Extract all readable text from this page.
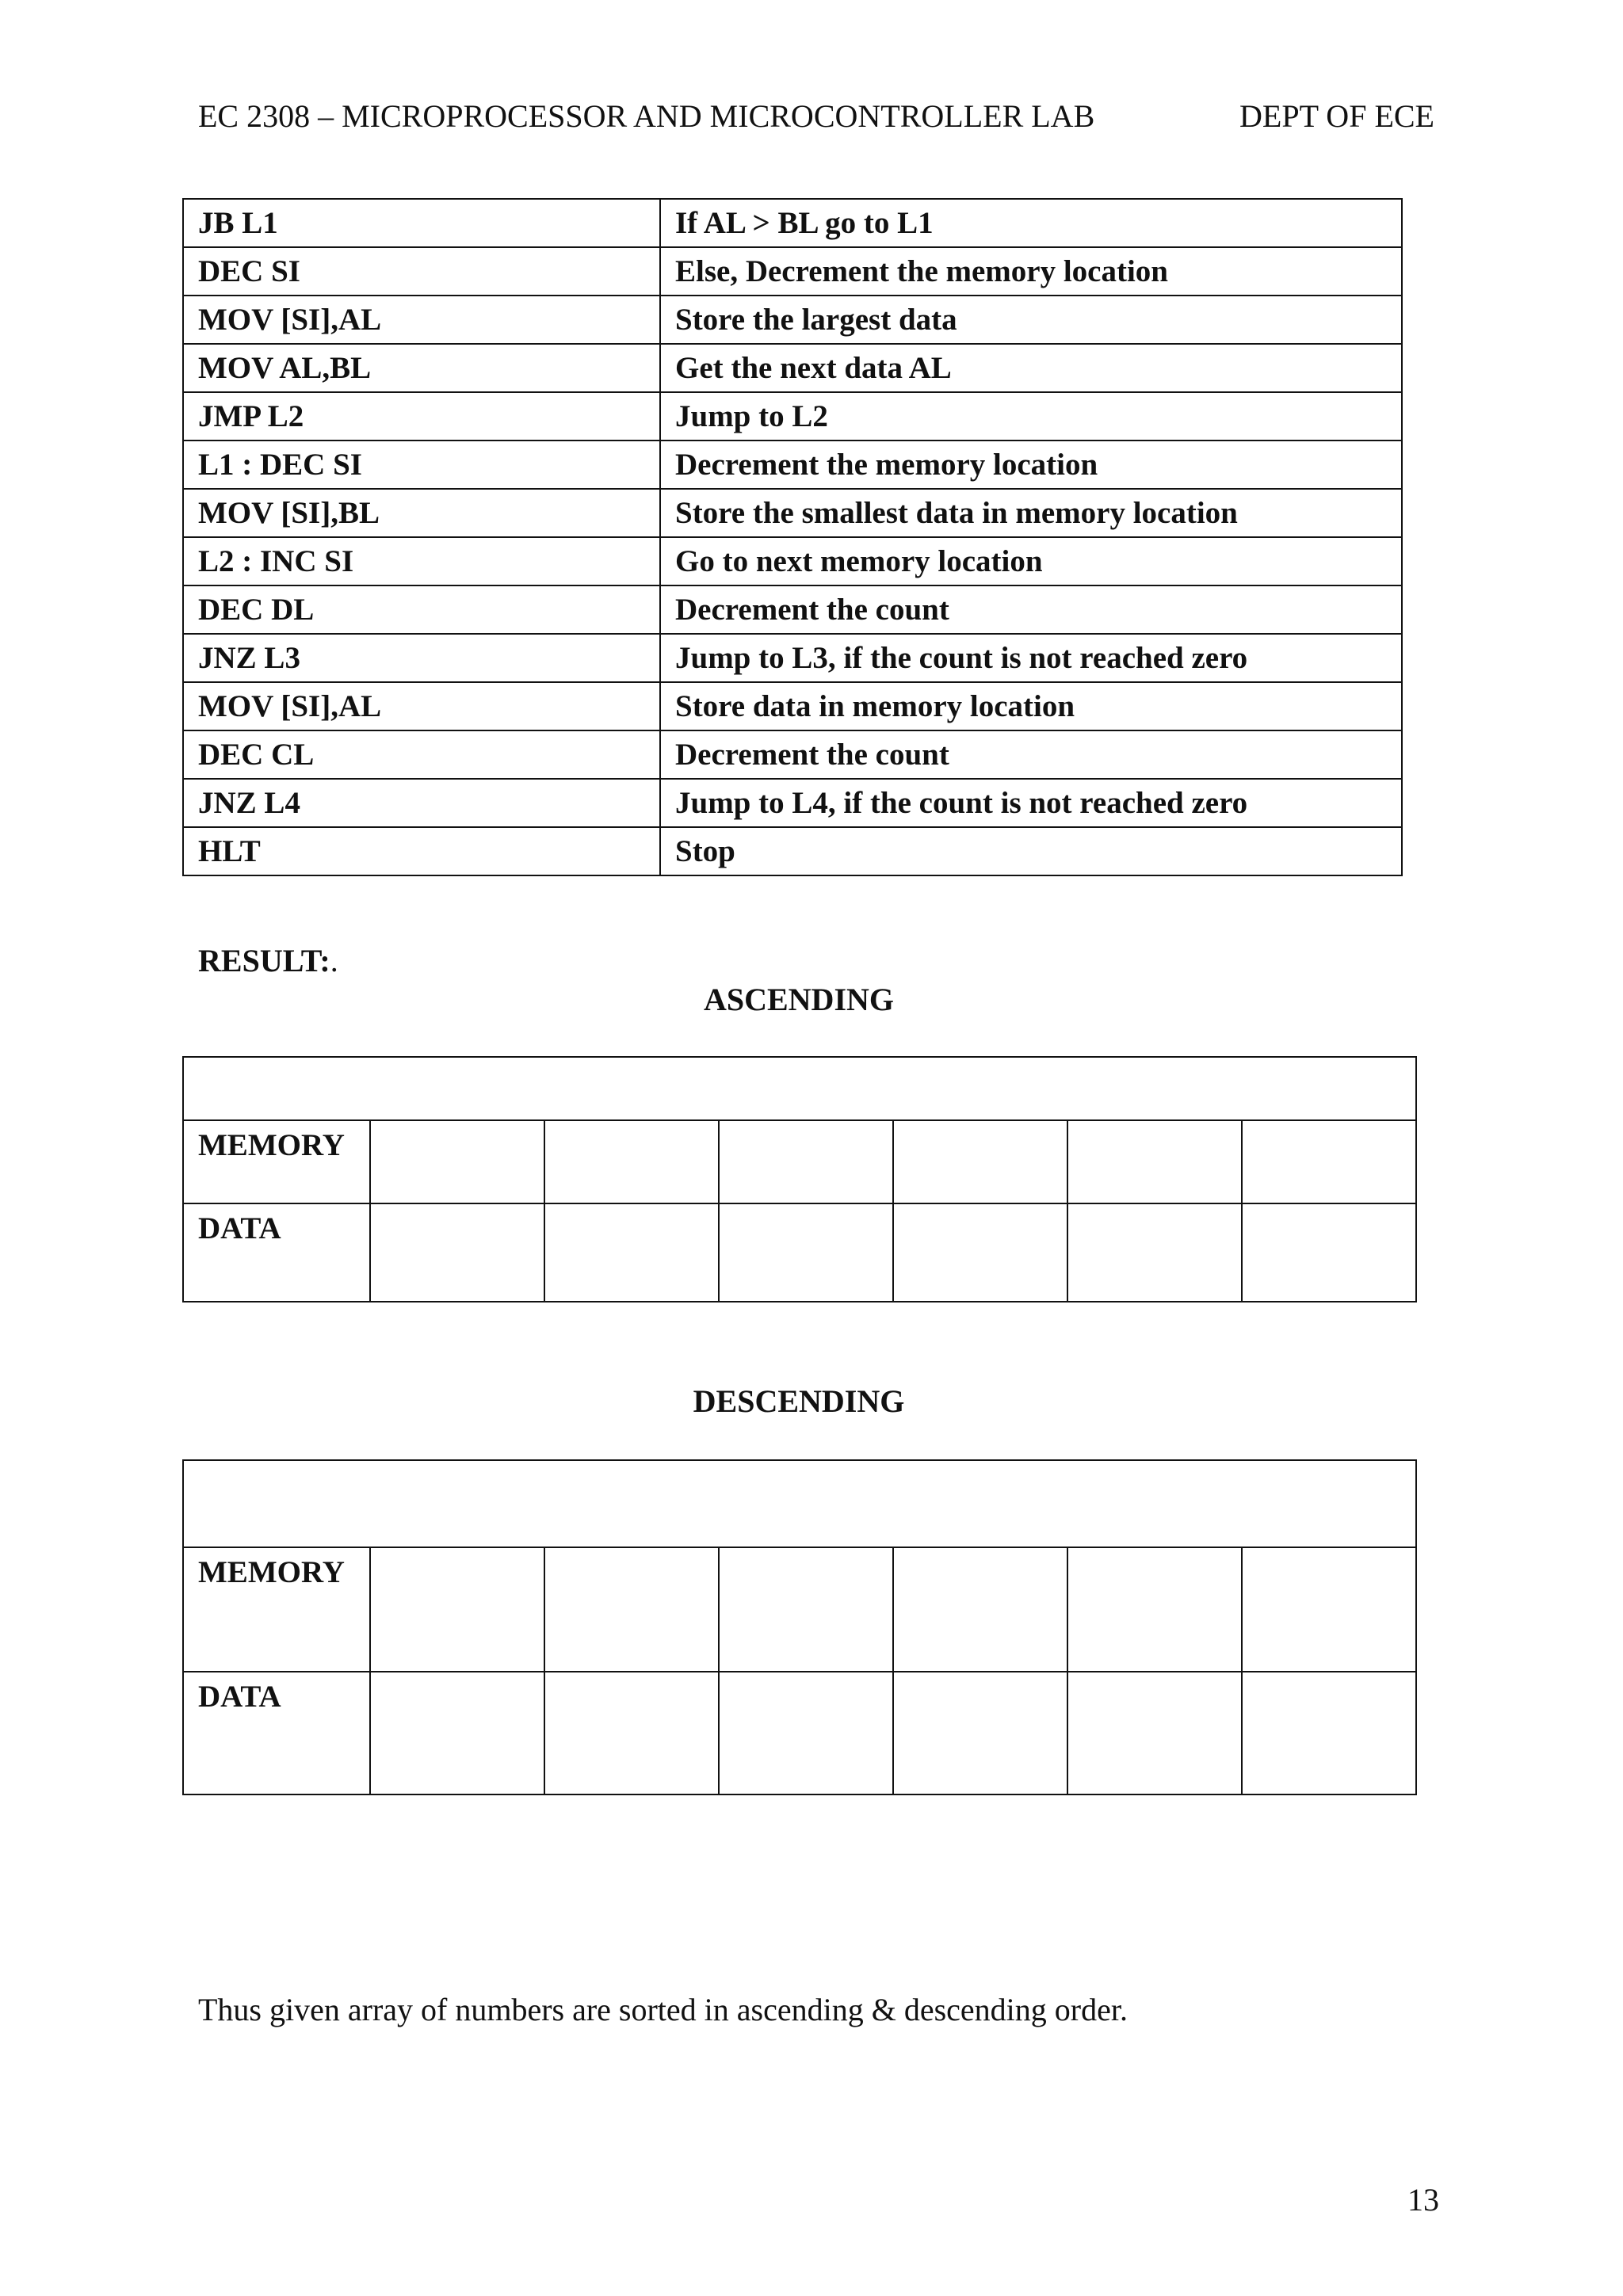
EC 2308 – MICROPROCESSOR AND MICROCONTROLLER LAB	DEPT OF ECE
JB L1	If AL > BL go to L1
DEC SI	Else, Decrement the memory location
MOV [SI],AL	Store the largest data
MOV AL,BL	Get the next data AL
JMP L2	Jump to L2
L1 : DEC SI	Decrement the memory location
MOV [SI],BL	Store the smallest data in memory location
L2 : INC SI	Go to next memory location
DEC DL	Decrement the count
JNZ L3	Jump to L3, if the count is not reached zero
MOV [SI],AL	Store data in memory location
DEC CL	Decrement the count
JNZ L4	Jump to L4, if the count is not reached zero
HLT	Stop
RESULT:.
ASCENDING

MEMORY						
DATA						
DESCENDING

MEMORY						
DATA						
Thus given array of numbers are sorted in ascending & descending order.
13
